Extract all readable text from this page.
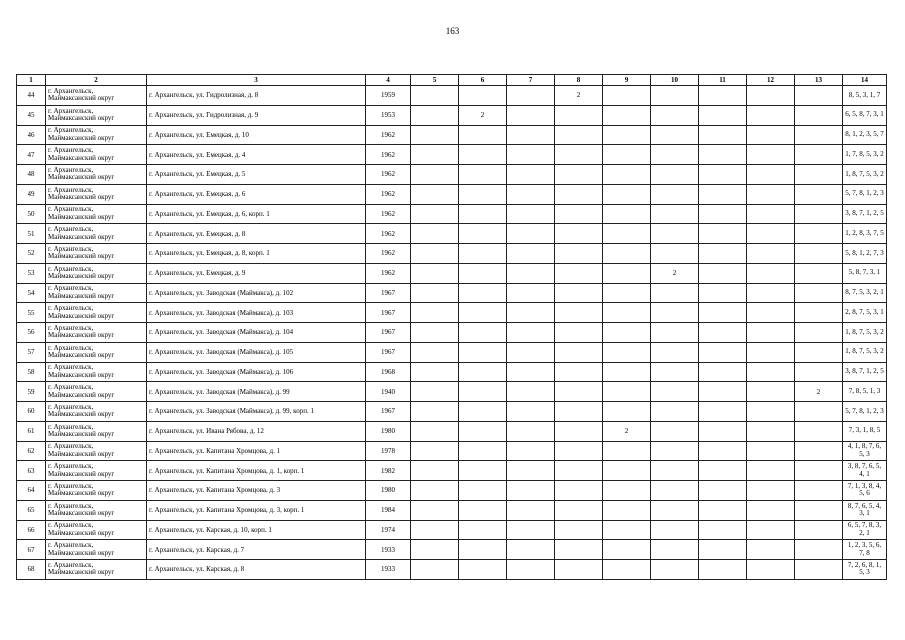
163
1	2	3	4	5	6	7	8	9	10	11	12	13	14
44	г. Архангельск,
Маймаксанский округ	г. Архангельск, ул. Гидролизная, д. 8	1959				2						8, 5, 3, 1, 7
45	г. Архангельск,
Маймаксанский округ	г. Архангельск, ул. Гидролизная, д. 9	1953		2								6, 5, 8, 7, 3, 1
46	г. Архангельск,
Маймаксанский округ	г. Архангельск, ул. Емецкая, д. 10	1962										8, 1, 2, 3, 5, 7
47	г. Архангельск,
Маймаксанский округ	г. Архангельск, ул. Емецкая, д. 4	1962										1, 7, 8, 5, 3, 2
48	г. Архангельск,
Маймаксанский округ	г. Архангельск, ул. Емецкая, д. 5	1962										1, 8, 7, 5, 3, 2
49	г. Архангельск,
Маймаксанский округ	г. Архангельск, ул. Емецкая, д. 6	1962										5, 7, 8, 1, 2, 3
50	г. Архангельск,
Маймаксанский округ	г. Архангельск, ул. Емецкая, д. 6, корп. 1	1962										3, 8, 7, 1, 2, 5
51	г. Архангельск,
Маймаксанский округ	г. Архангельск, ул. Емецкая, д. 8	1962										1, 2, 8, 3, 7, 5
52	г. Архангельск,
Маймаксанский округ	г. Архангельск, ул. Емецкая, д. 8, корп. 1	1962										5, 8, 1, 2, 7, 3
53	г. Архангельск,
Маймаксанский округ	г. Архангельск, ул. Емецкая, д. 9	1962						2				5, 8, 7, 3, 1
54	г. Архангельск,
Маймаксанский округ	г. Архангельск, ул. Заводская (Маймакса), д. 102	1967										8, 7, 5, 3, 2, 1
55	г. Архангельск,
Маймаксанский округ	г. Архангельск, ул. Заводская (Маймакса), д. 103	1967										2, 8, 7, 5, 3, 1
56	г. Архангельск,
Маймаксанский округ	г. Архангельск, ул. Заводская (Маймакса), д. 104	1967										1, 8, 7, 5, 3, 2
57	г. Архангельск,
Маймаксанский округ	г. Архангельск, ул. Заводская (Маймакса), д. 105	1967										1, 8, 7, 5, 3, 2
58	г. Архангельск,
Маймаксанский округ	г. Архангельск, ул. Заводская (Маймакса), д. 106	1968										3, 8, 7, 1, 2, 5
59	г. Архангельск,
Маймаксанский округ	г. Архангельск, ул. Заводская (Маймакса), д. 99	1940									2	7, 8, 5, 1, 3
60	г. Архангельск,
Маймаксанский округ	г. Архангельск, ул. Заводская (Маймакса), д. 99, корп. 1	1967										5, 7, 8, 1, 2, 3
61	г. Архангельск,
Маймаксанский округ	г. Архангельск, ул. Ивана Рябова, д. 12	1980					2					7, 3, 1, 8, 5
62	г. Архангельск,
Маймаксанский округ	г. Архангельск, ул. Капитана Хромцова, д. 1	1978										4, 1, 8, 7, 6, 5, 3
63	г. Архангельск,
Маймаксанский округ	г. Архангельск, ул. Капитана Хромцова, д. 1, корп. 1	1982										3, 8, 7, 6, 5, 4, 1
64	г. Архангельск,
Маймаксанский округ	г. Архангельск, ул. Капитана Хромцова, д. 3	1980										7, 1, 3, 8, 4, 5, 6
65	г. Архангельск,
Маймаксанский округ	г. Архангельск, ул. Капитана Хромцова, д. 3, корп. 1	1984										8, 7, 6, 5, 4, 3, 1
66	г. Архангельск,
Маймаксанский округ	г. Архангельск, ул. Карская, д. 10, корп. 1	1974										6, 5, 7, 8, 3, 2, 1
67	г. Архангельск,
Маймаксанский округ	г. Архангельск, ул. Карская, д. 7	1933										1, 2, 3, 5, 6, 7, 8
68	г. Архангельск,
Маймаксанский округ	г. Архангельск, ул. Карская, д. 8	1933										7, 2, 6, 8, 1, 5, 3
